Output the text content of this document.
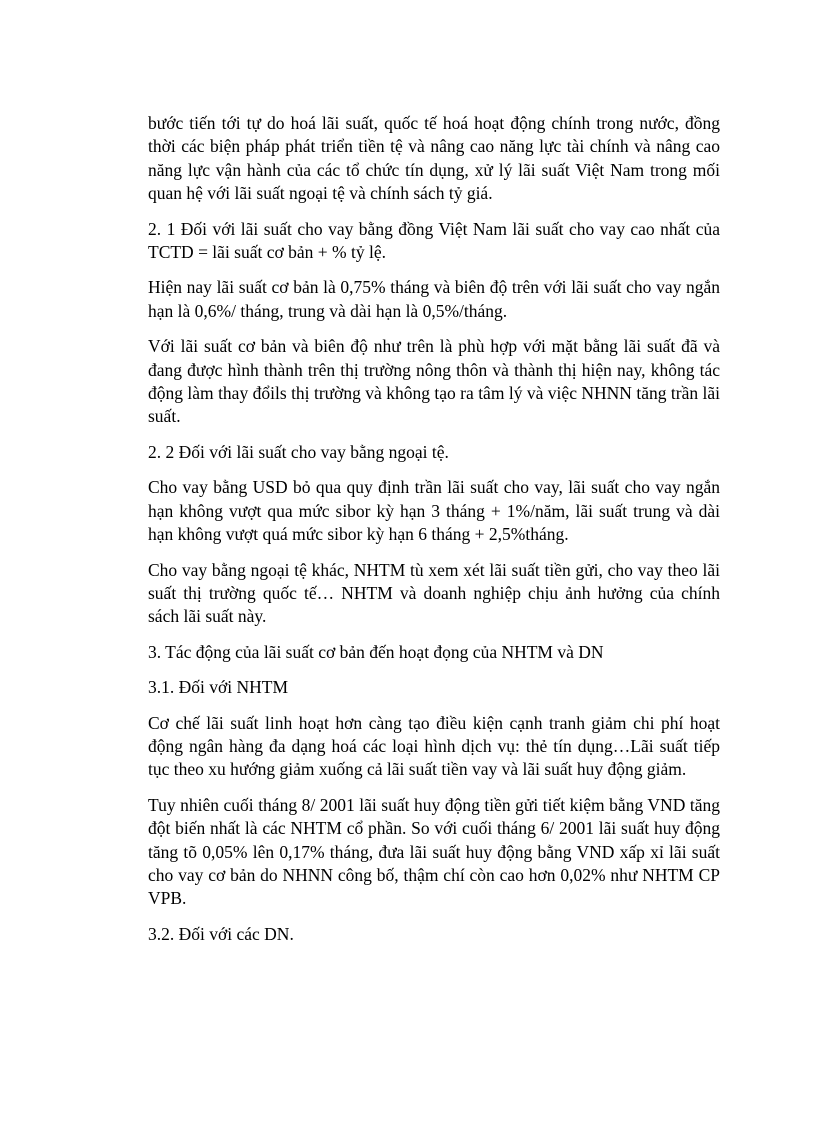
bước tiến tới tự do hoá lãi suất, quốc tế hoá hoạt động chính trong nước, đồng thời các biện pháp phát triển tiền tệ và nâng cao năng lực tài chính và nâng cao năng lực vận hành của các tổ chức tín dụng, xử lý lãi suất Việt Nam trong mối quan hệ với lãi suất ngoại tệ và chính sách tỷ giá.

2. 1 Đối với lãi suất cho vay bằng đồng Việt Nam lãi suất cho vay cao nhất của TCTD = lãi suất cơ bản + % tỷ lệ.

Hiện nay lãi suất cơ bản là 0,75% tháng và biên độ trên với lãi suất cho vay ngắn hạn là 0,6%/ tháng, trung và dài hạn là 0,5%/tháng.

Với lãi suất cơ bản và biên độ như trên là phù hợp với mặt bằng lãi suất đã và đang được hình thành trên thị trường nông thôn và thành thị hiện nay, không tác động làm thay đổils thị trường và không tạo ra tâm lý và việc NHNN tăng trần lãi suất.

2. 2 Đối với lãi suất cho vay bằng ngoại tệ.

Cho vay bằng USD bỏ qua quy định trần lãi suất cho vay, lãi suất cho vay ngắn hạn không vượt qua mức sibor kỳ hạn 3 tháng + 1%/năm, lãi suất trung và dài hạn không vượt quá mức sibor kỳ hạn 6 tháng + 2,5%tháng.

Cho vay bằng ngoại tệ khác, NHTM tù xem xét lãi suất tiền gửi, cho vay theo lãi suất thị trường quốc tế… NHTM và doanh nghiệp chịu ảnh hưởng của chính sách lãi suất này.

3. Tác động của lãi suất cơ bản đến hoạt đọng của NHTM và DN

3.1. Đối với NHTM

Cơ chế lãi suất linh hoạt hơn càng tạo điều kiện cạnh tranh giảm chi phí hoạt động ngân hàng đa dạng hoá các loại hình dịch vụ: thẻ tín dụng…Lãi suất tiếp tục theo xu hướng giảm xuống cả lãi suất tiền vay và lãi suất huy động giảm.

Tuy nhiên cuối tháng 8/ 2001 lãi suất huy động tiền gửi tiết kiệm bằng VND tăng đột biến nhất là các NHTM cổ phần. So với cuối tháng 6/ 2001 lãi suất huy động tăng tõ 0,05% lên 0,17% tháng, đưa lãi suất huy động bằng VND xấp xỉ lãi suất cho vay cơ bản do NHNN công bố, thậm chí còn cao hơn 0,02% như NHTM CP VPB.

3.2. Đối với các DN.
